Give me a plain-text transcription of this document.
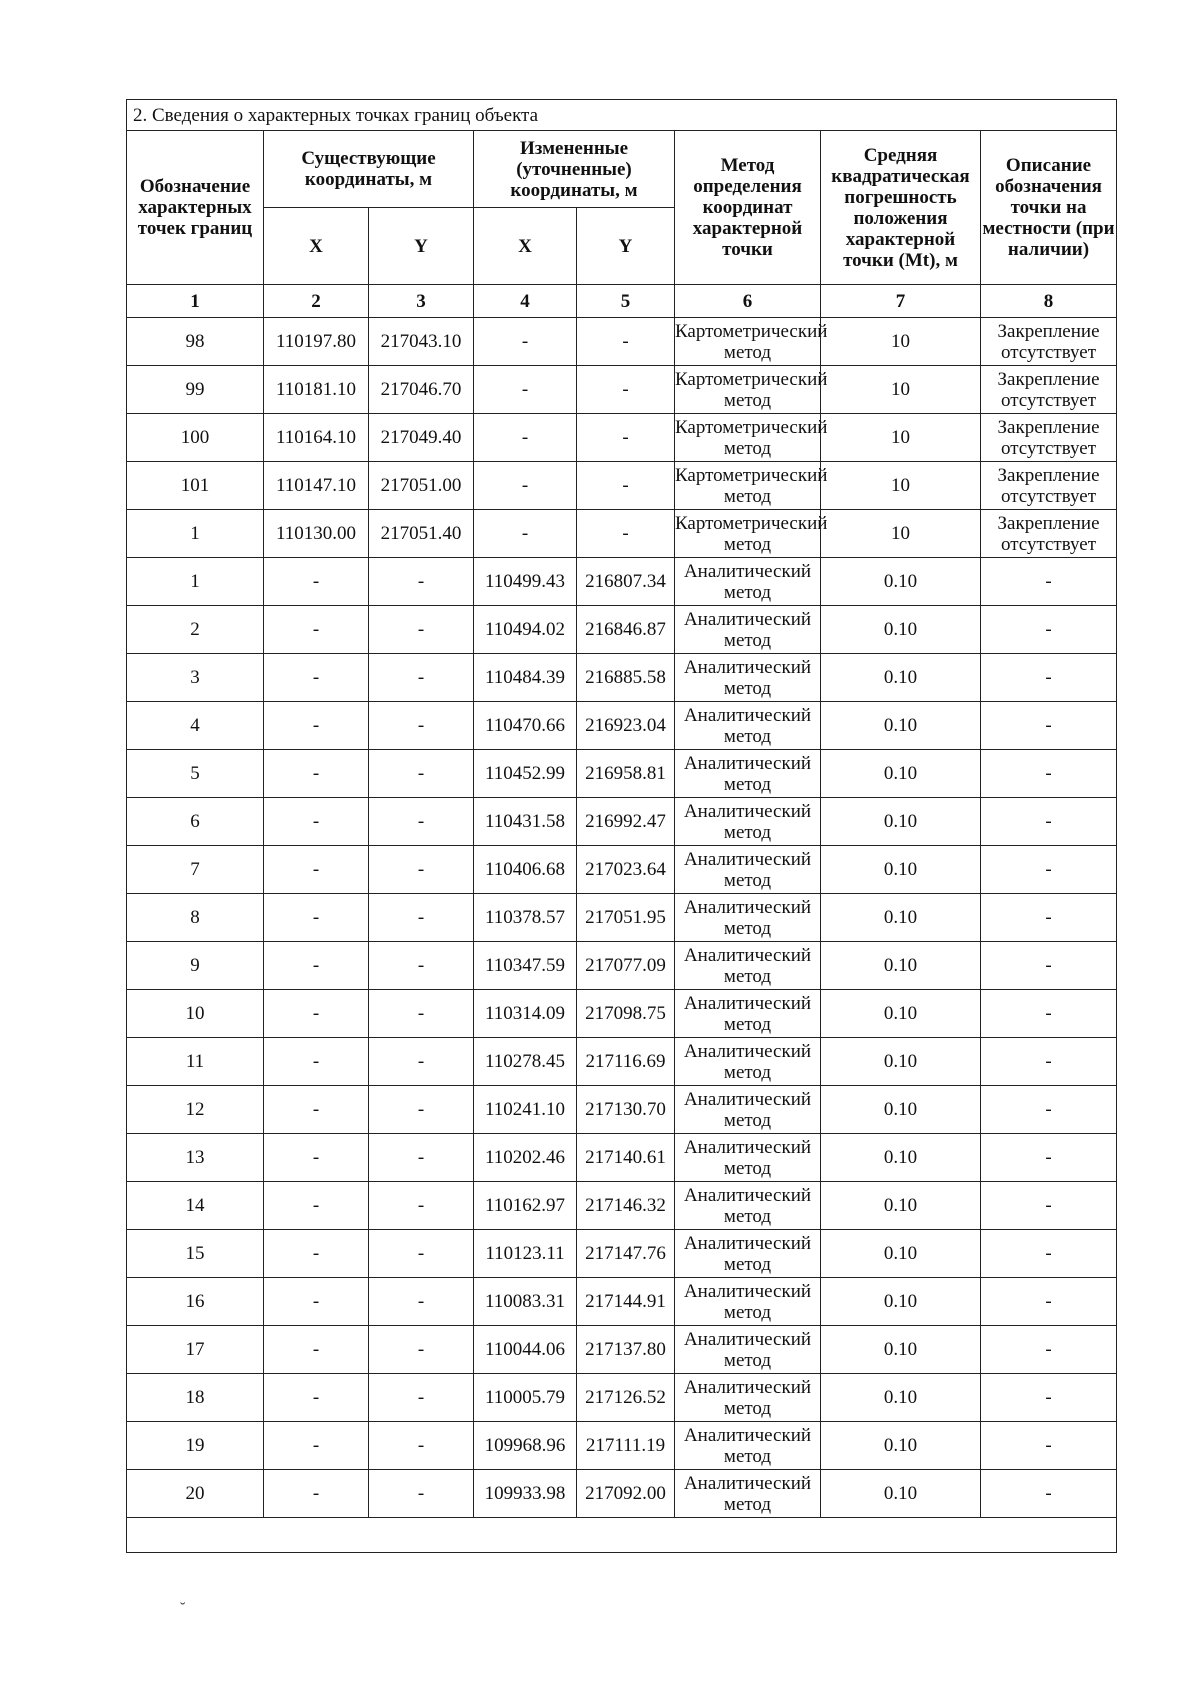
2. Сведения о характерных точках границ объекта							
Обозначение характерных точек границ	Существующие координаты, м		Измененные (уточненные) координаты, м		Метод определения координат характерной точки	Средняя квадратическая погрешность положения характерной точки (Mt), м	Описание обозначения точки на местности (при наличии)
	X	Y	X	Y			
1	2	3	4	5	6	7	8
98	110197.80	217043.10	-	-	Картометрический метод	10	Закрепление отсутствует
99	110181.10	217046.70	-	-	Картометрический метод	10	Закрепление отсутствует
100	110164.10	217049.40	-	-	Картометрический метод	10	Закрепление отсутствует
101	110147.10	217051.00	-	-	Картометрический метод	10	Закрепление отсутствует
1	110130.00	217051.40	-	-	Картометрический метод	10	Закрепление отсутствует
1	-	-	110499.43	216807.34	Аналитический метод	0.10	-
2	-	-	110494.02	216846.87	Аналитический метод	0.10	-
3	-	-	110484.39	216885.58	Аналитический метод	0.10	-
4	-	-	110470.66	216923.04	Аналитический метод	0.10	-
5	-	-	110452.99	216958.81	Аналитический метод	0.10	-
6	-	-	110431.58	216992.47	Аналитический метод	0.10	-
7	-	-	110406.68	217023.64	Аналитический метод	0.10	-
8	-	-	110378.57	217051.95	Аналитический метод	0.10	-
9	-	-	110347.59	217077.09	Аналитический метод	0.10	-
10	-	-	110314.09	217098.75	Аналитический метод	0.10	-
11	-	-	110278.45	217116.69	Аналитический метод	0.10	-
12	-	-	110241.10	217130.70	Аналитический метод	0.10	-
13	-	-	110202.46	217140.61	Аналитический метод	0.10	-
14	-	-	110162.97	217146.32	Аналитический метод	0.10	-
15	-	-	110123.11	217147.76	Аналитический метод	0.10	-
16	-	-	110083.31	217144.91	Аналитический метод	0.10	-
17	-	-	110044.06	217137.80	Аналитический метод	0.10	-
18	-	-	110005.79	217126.52	Аналитический метод	0.10	-
19	-	-	109968.96	217111.19	Аналитический метод	0.10	-
20	-	-	109933.98	217092.00	Аналитический метод	0.10	-

˘
